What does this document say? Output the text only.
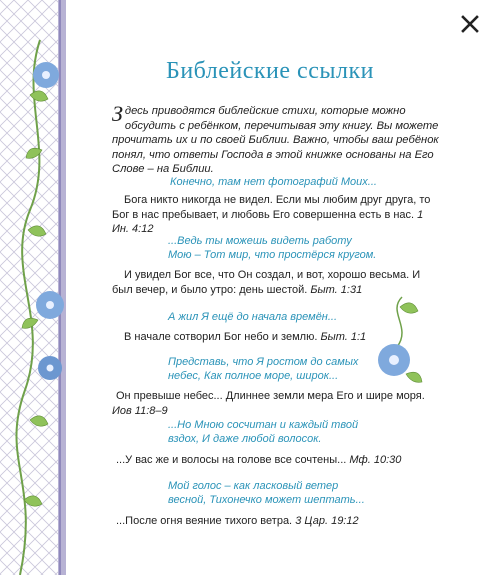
Библейские ссылки
Здесь приводятся библейские стихи, которые можно обсудить с ребёнком, перечитывая эту книгу. Вы можете прочитать их и по своей Библии. Важно, чтобы ваш ребёнок понял, что ответы Господа в этой книжке основаны на Его Слове – на Библии.
Конечно, там нет фотографий Моих...
Бога никто никогда не видел. Если мы любим друг друга, то Бог в нас пребывает, и любовь Его совершенна есть в нас. 1 Ин. 4:12
...Ведь ты можешь видеть работу Мою – Тот мир, что простёрся кругом.
И увидел Бог все, что Он создал, и вот, хорошо весьма. И был вечер, и было утро: день шестой. Быт. 1:31
А жил Я ещё до начала времён...
В начале сотворил Бог небо и землю. Быт. 1:1
Представь, что Я ростом до самых небес, Как полное море, широк...
Он превыше небес... Длиннее земли мера Его и шире моря. Иов 11:8–9
...Но Мною сосчитан и каждый твой вздох, И даже любой волосок.
...У вас же и волосы на голове все сочтены... Мф. 10:30
Мой голос – как ласковый ветер весной, Тихонечко может шептать...
...После огня веяние тихого ветра. 3 Цар. 19:12
